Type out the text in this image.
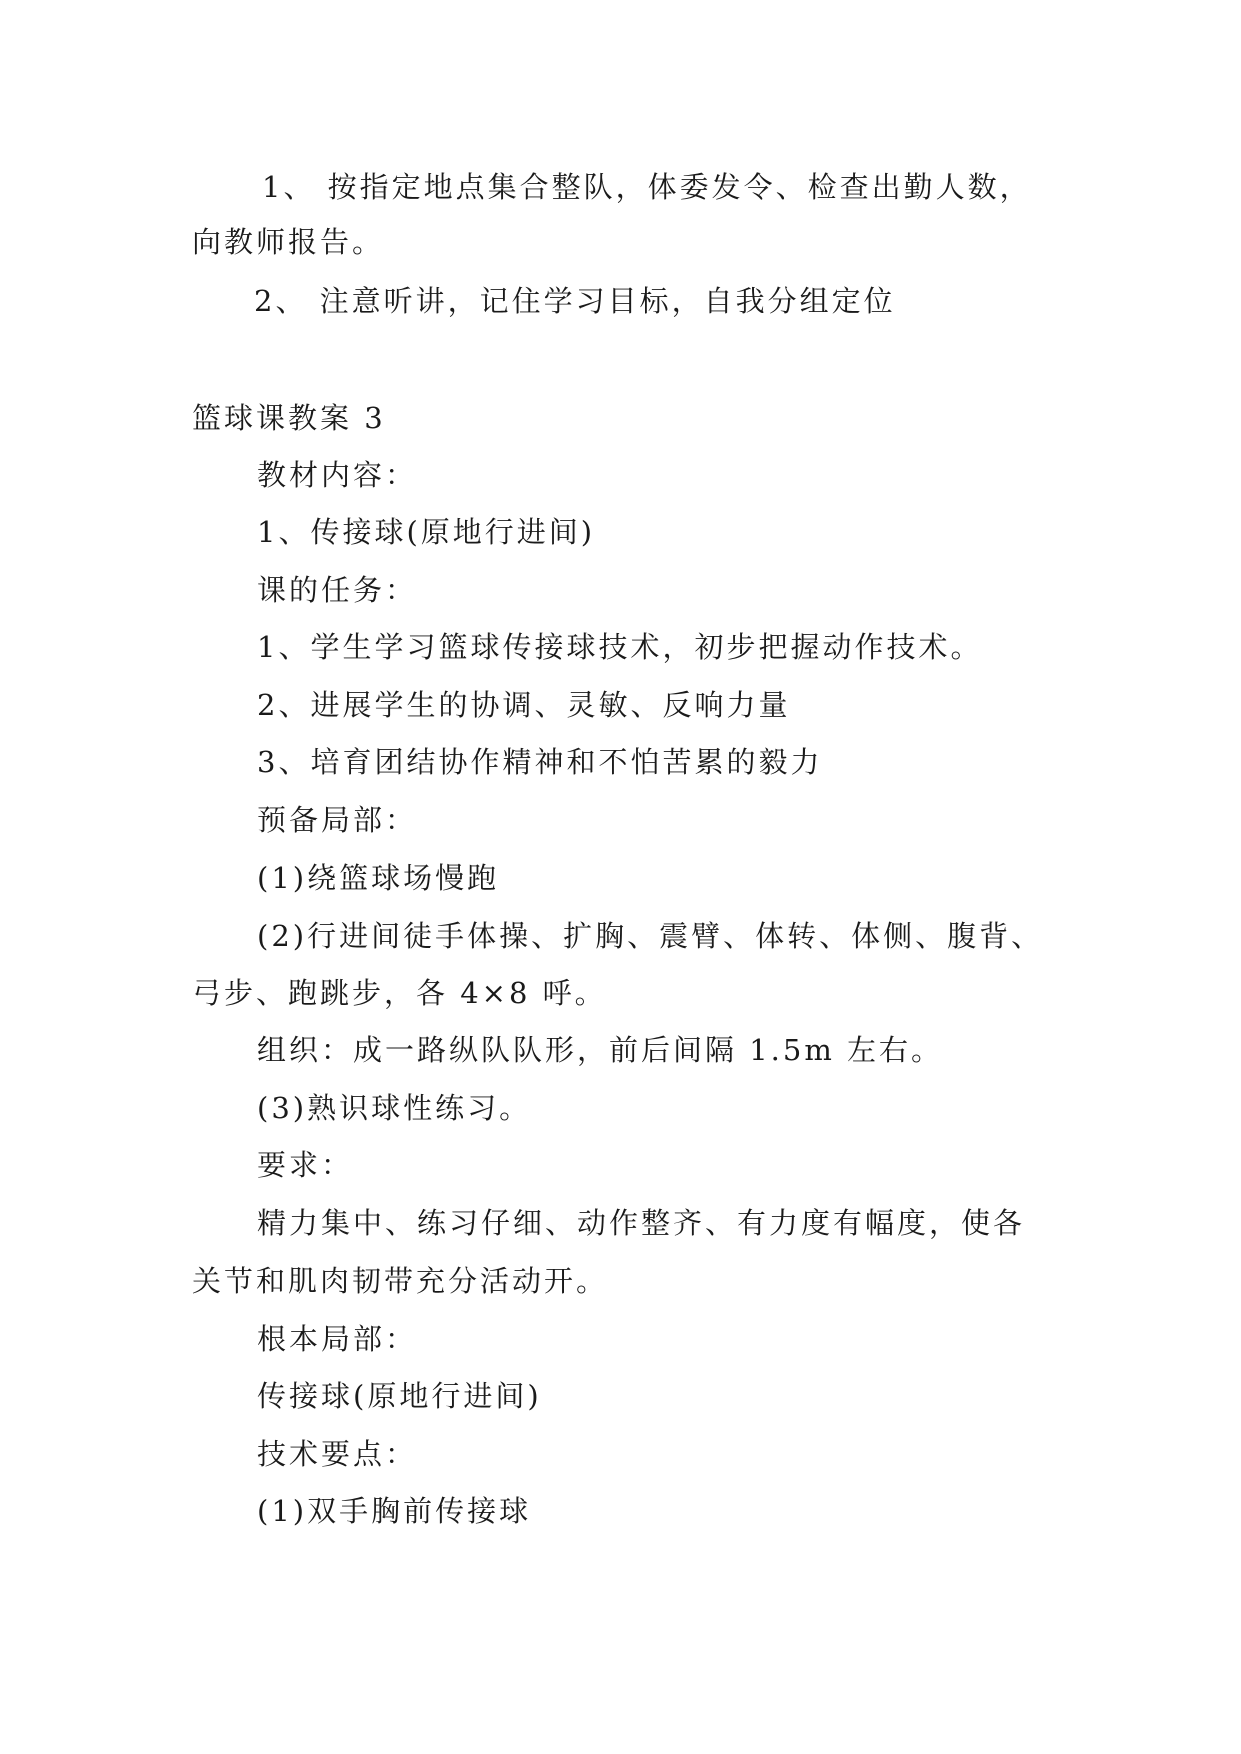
1、 按指定地点集合整队，体委发令、检查出勤人数，
向教师报告。
2、 注意听讲，记住学习目标，自我分组定位
篮球课教案 3
教材内容：
1、传接球(原地行进间)
课的任务：
1、学生学习篮球传接球技术，初步把握动作技术。
2、进展学生的协调、灵敏、反响力量
3、培育团结协作精神和不怕苦累的毅力
预备局部：
(1)绕篮球场慢跑
(2)行进间徒手体操、扩胸、震臂、体转、体侧、腹背、
弓步、跑跳步，各 4×8 呼。
组织：成一路纵队队形，前后间隔 1.5m 左右。
(3)熟识球性练习。
要求：
精力集中、练习仔细、动作整齐、有力度有幅度，使各
关节和肌肉韧带充分活动开。
根本局部：
传接球(原地行进间)
技术要点：
(1)双手胸前传接球
